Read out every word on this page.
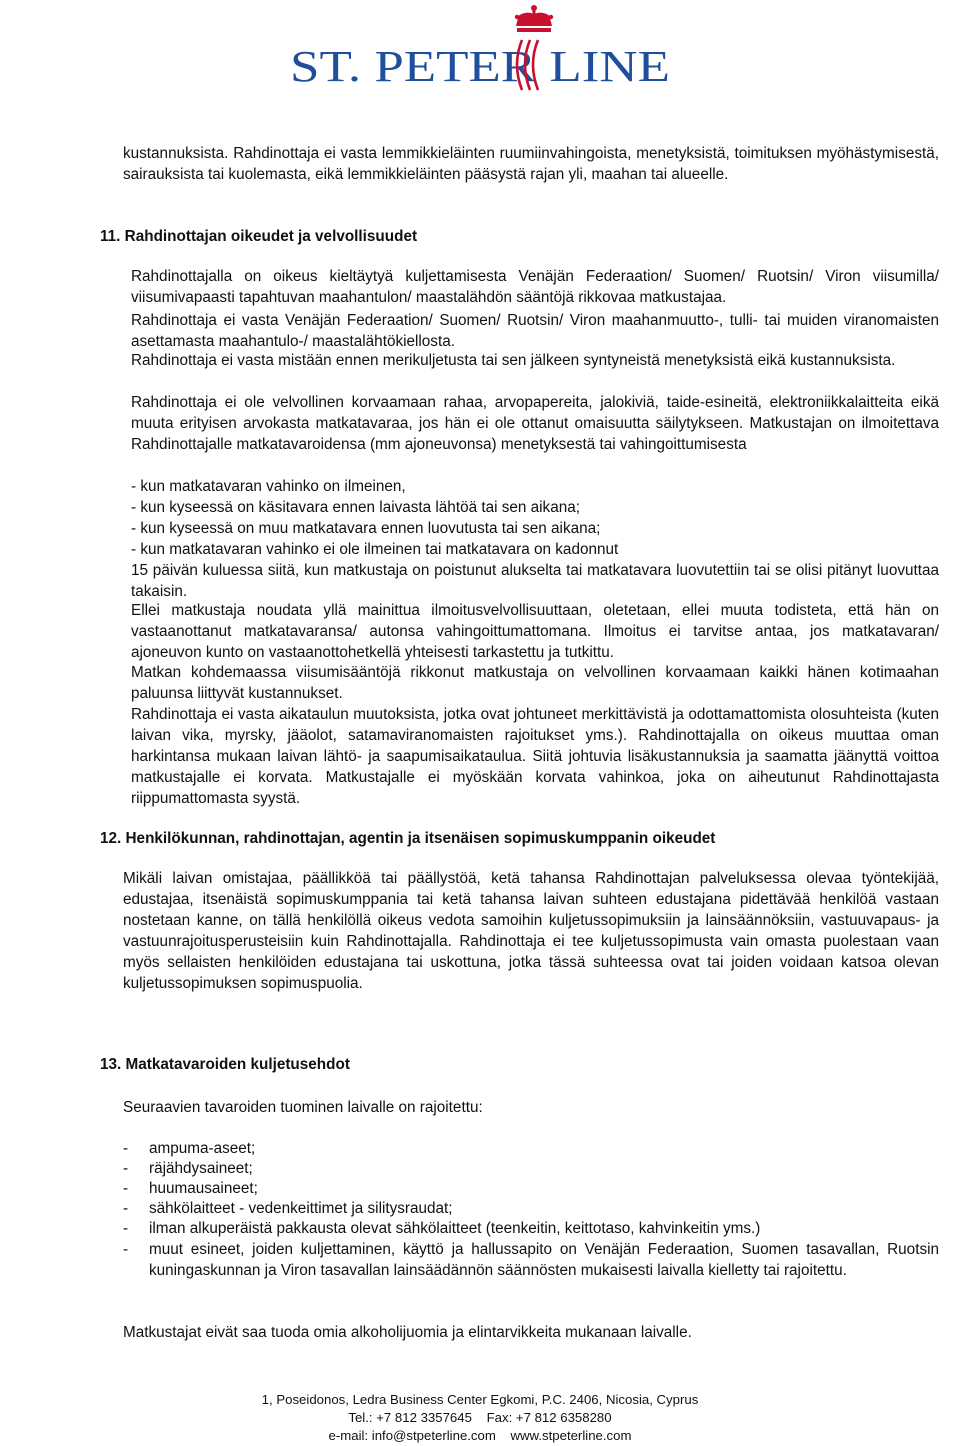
ST. PETER LINE

kustannuksista. Rahdinottaja ei vasta lemmikkieläinten ruumiinvahingoista, menetyksistä, toimituksen myöhästymisestä, sairauksista tai kuolemasta, eikä lemmikkieläinten pääsystä rajan yli, maahan tai alueelle.

11. Rahdinottajan oikeudet ja velvollisuudet

Rahdinottajalla on oikeus kieltäytyä kuljettamisesta Venäjän Federaation/ Suomen/ Ruotsin/ Viron viisumilla/ viisumivapaasti tapahtuvan maahantulon/ maastalähdön sääntöjä rikkovaa matkustajaa.

Rahdinottaja ei vasta Venäjän Federaation/ Suomen/ Ruotsin/ Viron maahanmuutto-, tulli- tai muiden viranomaisten asettamasta maahantulo-/ maastalähtökiellosta.

Rahdinottaja ei vasta mistään ennen merikuljetusta tai sen jälkeen syntyneistä menetyksistä eikä kustannuksista.

Rahdinottaja ei ole velvollinen korvaamaan rahaa, arvopapereita, jalokiviä, taide-esineitä, elektroniikkalaitteita eikä muuta erityisen arvokasta matkatavaraa, jos hän ei ole ottanut omaisuutta säilytykseen. Matkustajan on ilmoitettava Rahdinottajalle matkatavaroidensa (mm ajoneuvonsa) menetyksestä tai vahingoittumisesta

- kun matkatavaran vahinko on ilmeinen,

- kun kyseessä on käsitavara ennen laivasta lähtöä tai sen aikana;

- kun kyseessä on muu matkatavara ennen luovutusta tai sen aikana;

- kun matkatavaran vahinko ei ole ilmeinen tai matkatavara on kadonnut

15 päivän kuluessa siitä, kun matkustaja on poistunut alukselta tai matkatavara luovutettiin tai se olisi pitänyt luovuttaa takaisin.

Ellei matkustaja noudata yllä mainittua ilmoitusvelvollisuuttaan, oletetaan, ellei muuta todisteta, että hän on vastaanottanut matkatavaransa/ autonsa vahingoittumattomana. Ilmoitus ei tarvitse antaa, jos matkatavaran/ ajoneuvon kunto on vastaanottohetkellä yhteisesti tarkastettu ja tutkittu.

Matkan kohdemaassa viisumisääntöjä rikkonut matkustaja on velvollinen korvaamaan kaikki hänen kotimaahan paluunsa liittyvät kustannukset.

Rahdinottaja ei vasta aikataulun muutoksista, jotka ovat johtuneet merkittävistä ja odottamattomista olosuhteista (kuten laivan vika, myrsky, jääolot, satamaviranomaisten rajoitukset yms.). Rahdinottajalla on oikeus muuttaa oman harkintansa mukaan laivan lähtö- ja saapumisaikataulua. Siitä johtuvia lisäkustannuksia ja saamatta jäänyttä voittoa matkustajalle ei korvata. Matkustajalle ei myöskään korvata vahinkoa, joka on aiheutunut Rahdinottajasta riippumattomasta syystä.

12. Henkilökunnan, rahdinottajan, agentin ja itsenäisen sopimuskumppanin oikeudet

Mikäli laivan omistajaa, päällikköä tai päällystöä, ketä tahansa Rahdinottajan palveluksessa olevaa työntekijää, edustajaa, itsenäistä sopimuskumppania tai ketä tahansa laivan suhteen edustajana pidettävää henkilöä vastaan nostetaan kanne, on tällä henkilöllä oikeus vedota samoihin kuljetussopimuksiin ja lainsäännöksiin, vastuuvapaus- ja vastuunrajoitusperusteisiin kuin Rahdinottajalla. Rahdinottaja ei tee kuljetussopimusta vain omasta puolestaan vaan myös sellaisten henkilöiden edustajana tai uskottuna, jotka tässä suhteessa ovat tai joiden voidaan katsoa olevan kuljetussopimuksen sopimuspuolia.

13. Matkatavaroiden kuljetusehdot

Seuraavien tavaroiden tuominen laivalle on rajoitettu:

- ampuma-aseet;
- räjähdysaineet;
- huumausaineet;
- sähkölaitteet - vedenkeittimet ja silitysraudat;
- ilman alkuperäistä pakkausta olevat sähkölaitteet (teenkeitin, keittotaso, kahvinkeitin yms.)
- muut esineet, joiden kuljettaminen, käyttö ja hallussapito on Venäjän Federaation, Suomen tasavallan, Ruotsin kuningaskunnan ja Viron tasavallan lainsäädännön säännösten mukaisesti laivalla kielletty tai rajoitettu.

Matkustajat eivät saa tuoda omia alkoholijuomia ja elintarvikkeita mukanaan laivalle.

1, Poseidonos, Ledra Business Center Egkomi, P.C. 2406, Nicosia, Cyprus
Tel.: +7 812 3357645    Fax: +7 812 6358280
e-mail: info@stpeterline.com    www.stpeterline.com
